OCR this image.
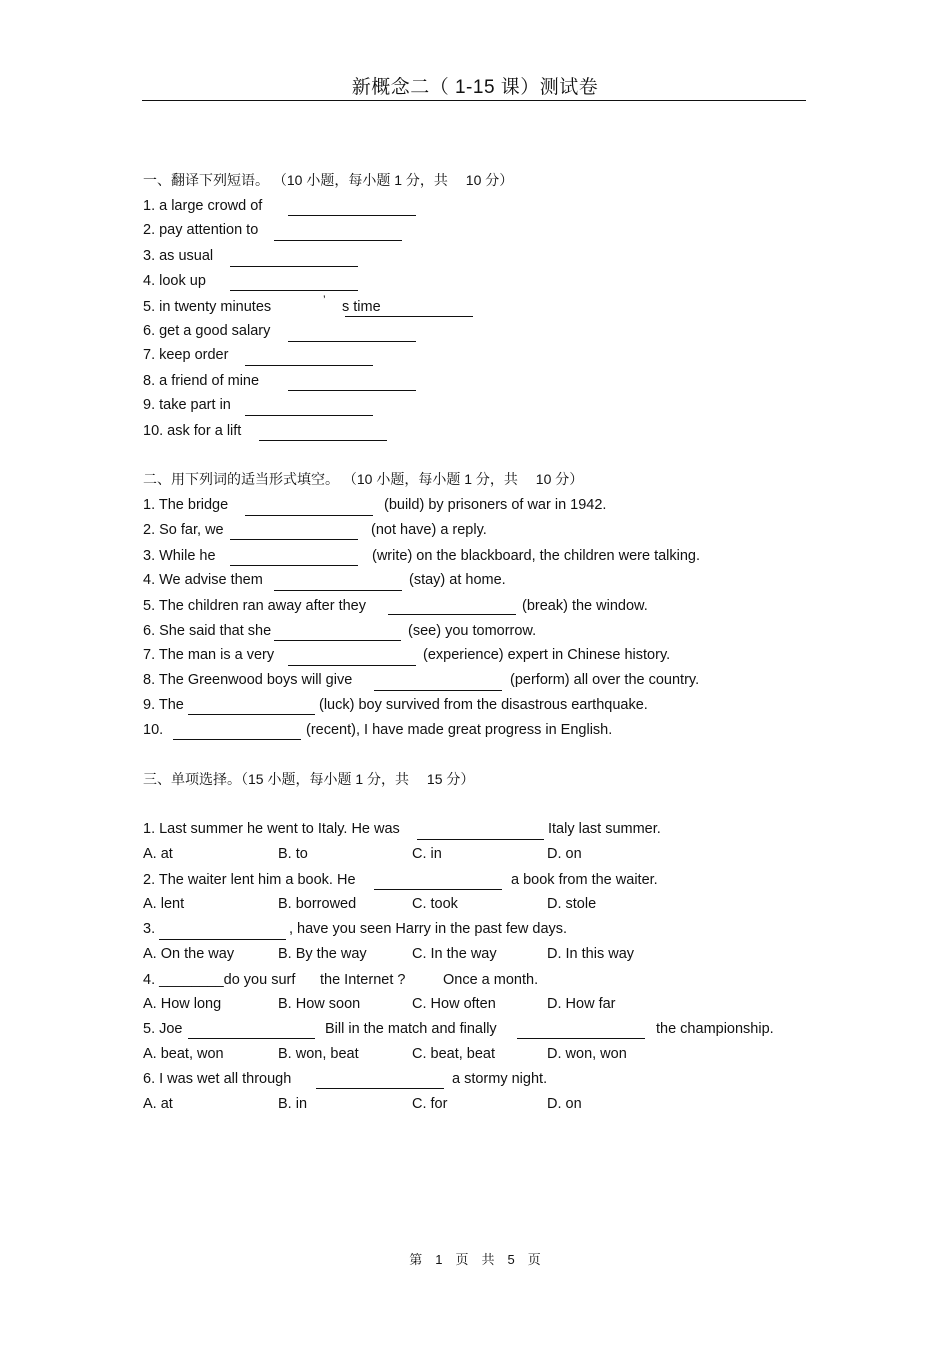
新概念二（ 1-15 课）测试卷
一、翻译下列短语。 （10 小题，每小题 1 分，共　 10 分）
1. a large crowd of
2. pay attention to
3. as usual
4. look up
5. in twenty minutes	’ s time
6. get a good salary
7. keep order
8. a friend of mine
9. take part in
10. ask for a lift
二、用下列词的适当形式填空。 （10 小题，每小题 1 分，共　 10 分）
1. The bridge	(build) by prisoners of war in 1942.
2. So far, we	(not have) a reply.
3. While he	(write) on the blackboard, the children were talking.
4. We advise them	(stay) at home.
5. The children ran away after they	(break) the window.
6. She said that she	(see) you tomorrow.
7. The man is a very	(experience) expert in Chinese history.
8. The Greenwood boys will give	(perform) all over the country.
9. The	(luck) boy survived from the disastrous earthquake.
10.	(recent), I have made great progress in English.
三、单项选择。（15 小题，每小题 1 分，共　 15 分）
1. Last summer he went to Italy. He was	Italy last summer.
A. at	B. to	C. in	D. on
2. The waiter lent him a book. He	a book from the waiter.
A. lent	B. borrowed	C. took	D. stole
3.	, have you seen Harry in the past few days.
A. On the way	B. By the way	C. In the way	D. In this way
4. ________do you surf the Internet ?	Once a month.
A. How long	B. How soon	C. How often	D. How far
5. Joe	Bill in the match and finally	the championship.
A. beat, won	B. won, beat	C. beat, beat	D. won, won
6. I was wet all through	a stormy night.
A. at	B. in	C. for	D. on
第　1　页　共　5　页
